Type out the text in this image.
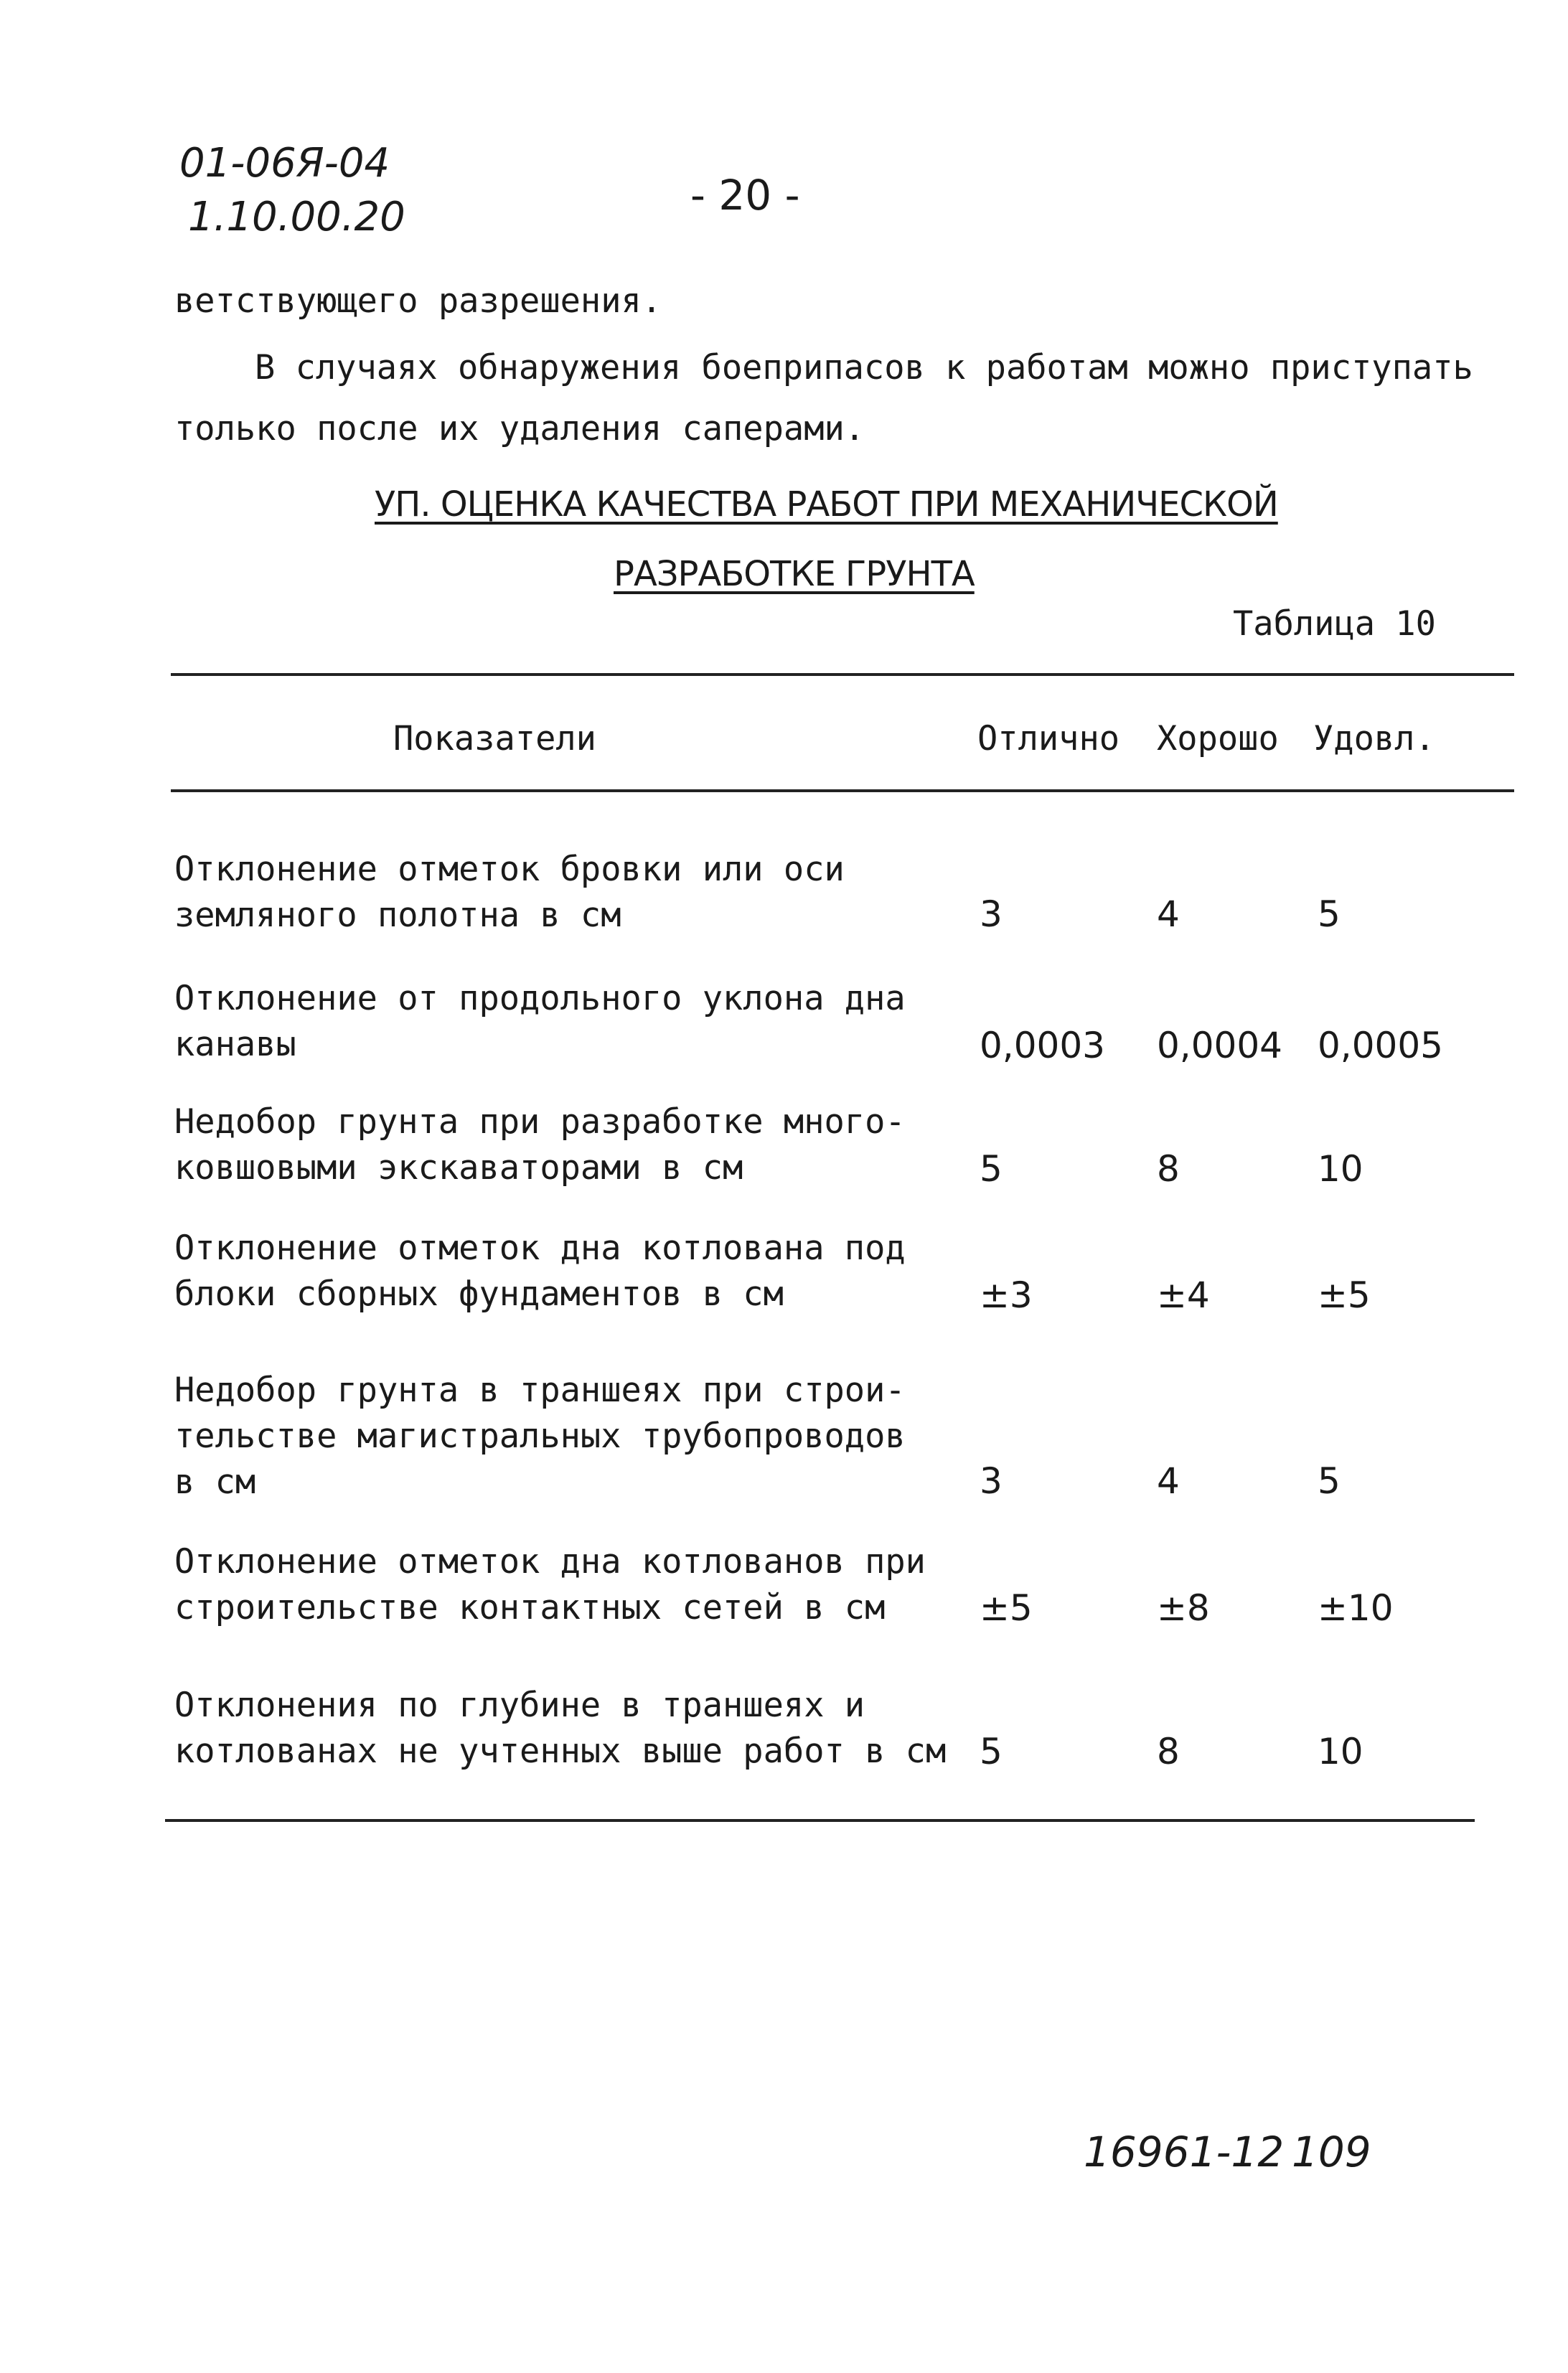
01-06Я-04
1.10.00.20	- 20 -
ветствующего разрешения.
В случаях обнаружения боеприпасов к работам можно приступать
только после их удаления саперами.
УП. ОЦЕНКА КАЧЕСТВА РАБОТ ПРИ МЕХАНИЧЕСКОЙ
РАЗРАБОТКЕ ГРУНТА
Таблица 10
Показатели	Отлично Хорошо Удовл.
Отклонение отметок бровки или оси
земляного полотна в см	3	4	5
Отклонение от продольного уклона дна
канавы	0,0003 0,0004 0,0005
Недобор грунта при разработке много-
ковшовыми экскаваторами в см	5	8	10
Отклонение отметок дна котлована под
блоки сборных фундаментов в см	±3	±4	±5
Недобор грунта в траншеях при строи-
тельстве магистральных трубопроводов
в см	3	4	5
Отклонение отметок дна котлованов при
строительстве контактных сетей в см	±5	±8	±10
Отклонения по глубине в траншеях и
котлованах не учтенных выше работ в см 5	8	10
16961-12 109
